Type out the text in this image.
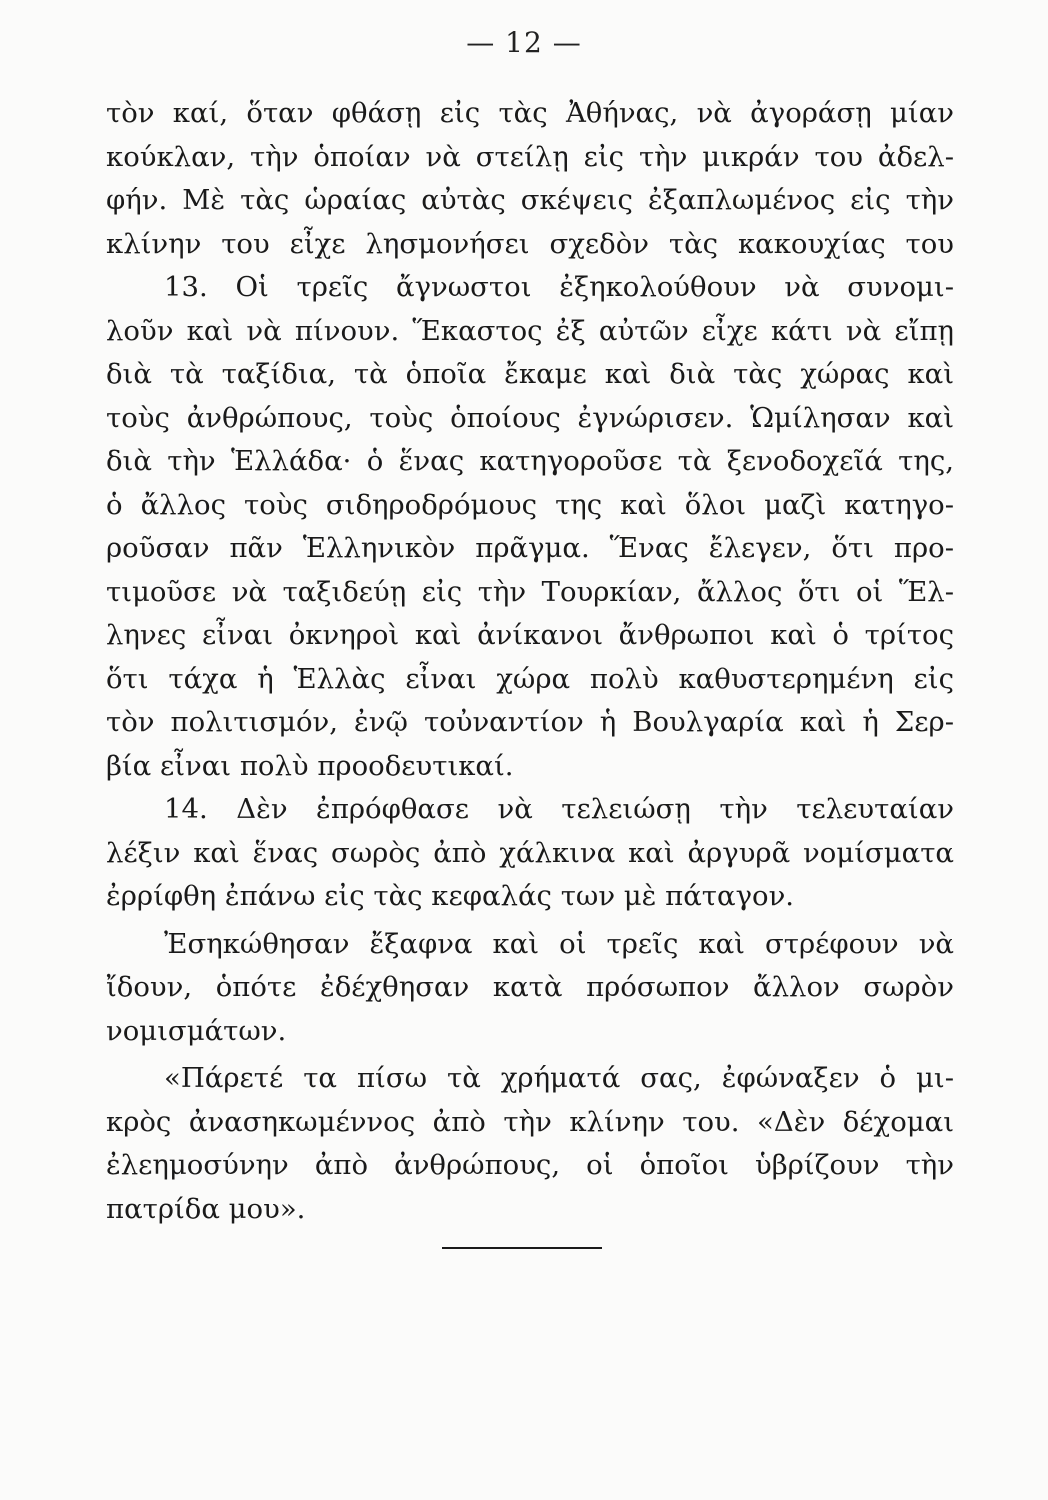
— 12 —
τὸν καί, ὅταν φθάσῃ εἰς τὰς Ἀθήνας, νὰ ἀγοράσῃ μίαν
κούκλαν, τὴν ὁποίαν νὰ στείλῃ εἰς τὴν μικράν του ἀδελ-
φήν. Μὲ τὰς ὡραίας αὐτὰς σκέψεις ἐξαπλωμένος εἰς τὴν
κλίνην του εἶχε λησμονήσει σχεδὸν τὰς κακουχίας του
13. Οἱ τρεῖς ἄγνωστοι ἐξηκολούθουν νὰ συνομι-
λοῦν καὶ νὰ πίνουν. Ἕκαστος ἐξ αὐτῶν εἶχε κάτι νὰ εἴπῃ
διὰ τὰ ταξίδια, τὰ ὁποῖα ἔκαμε καὶ διὰ τὰς χώρας καὶ
τοὺς ἀνθρώπους, τοὺς ὁποίους ἐγνώρισεν. Ὡμίλησαν καὶ
διὰ τὴν Ἑλλάδα· ὁ ἕνας κατηγοροῦσε τὰ ξενοδοχεῖά της,
ὁ ἄλλος τοὺς σιδηροδρόμους της καὶ ὅλοι μαζὶ κατηγο-
ροῦσαν πᾶν Ἑλληνικὸν πρᾶγμα. Ἕνας ἔλεγεν, ὅτι προ-
τιμοῦσε νὰ ταξιδεύῃ εἰς τὴν Τουρκίαν, ἄλλος ὅτι οἱ Ἕλ-
ληνες εἶναι ὀκνηροὶ καὶ ἀνίκανοι ἄνθρωποι καὶ ὁ τρίτος
ὅτι τάχα ἡ Ἑλλὰς εἶναι χώρα πολὺ καθυστερημένη εἰς
τὸν πολιτισμόν, ἐνῷ τοὐναντίον ἡ Βουλγαρία καὶ ἡ Σερ-
βία εἶναι πολὺ προοδευτικαί.
14. Δὲν ἐπρόφθασε νὰ τελειώσῃ τὴν τελευταίαν
λέξιν καὶ ἕνας σωρὸς ἀπὸ χάλκινα καὶ ἀργυρᾶ νομίσματα
ἐρρίφθη ἐπάνω εἰς τὰς κεφαλάς των μὲ πάταγον.
Ἐσηκώθησαν ἔξαφνα καὶ οἱ τρεῖς καὶ στρέφουν νὰ
ἴδουν, ὁπότε ἐδέχθησαν κατὰ πρόσωπον ἄλλον σωρὸν
νομισμάτων.
«Πάρετέ τα πίσω τὰ χρήματά σας, ἐφώναξεν ὁ μι-
κρὸς ἀνασηκωμέννος ἀπὸ τὴν κλίνην του. «Δὲν δέχομαι
ἐλεημοσύνην ἀπὸ ἀνθρώπους, οἱ ὁποῖοι ὑβρίζουν τὴν
πατρίδα μου».
